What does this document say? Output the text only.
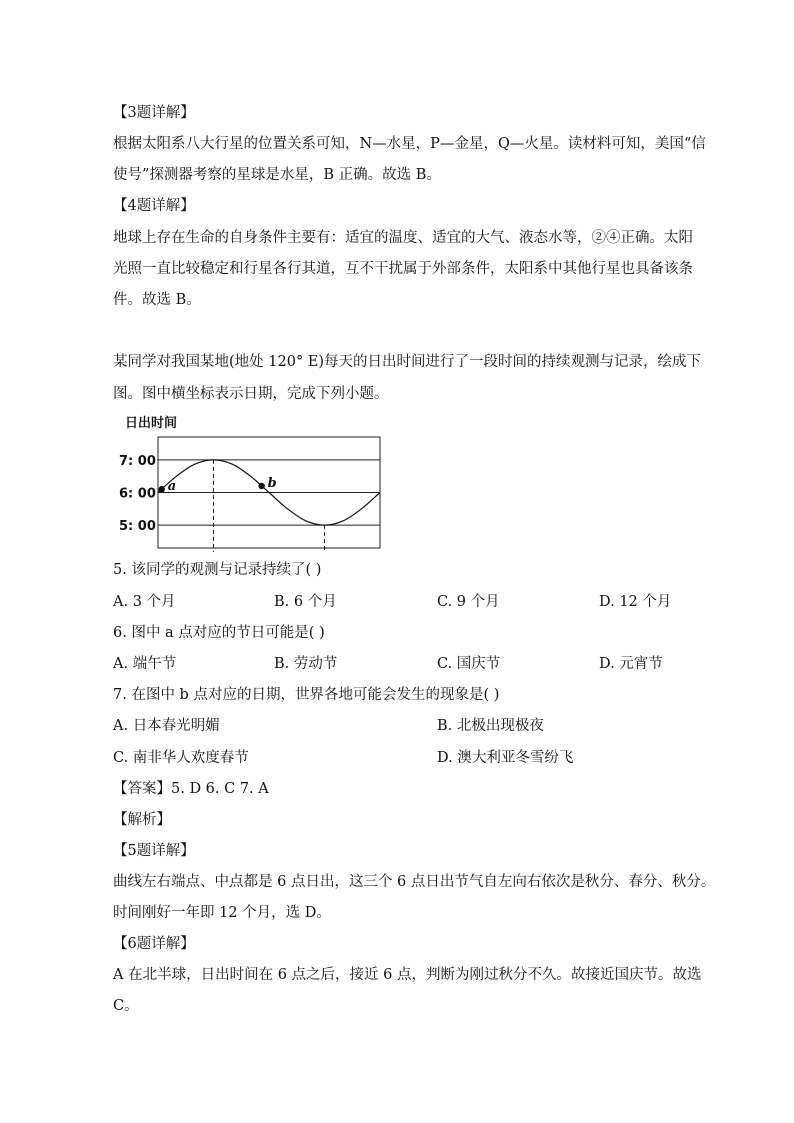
【3题详解】
根据太阳系八大行星的位置关系可知，N—水星，P—金星，Q—火星。读材料可知，美国“信
使号”探测器考察的星球是水星，B 正确。故选 B。
【4题详解】
地球上存在生命的自身条件主要有：适宜的温度、适宜的大气、液态水等，②④正确。太阳
光照一直比较稳定和行星各行其道，互不干扰属于外部条件，太阳系中其他行星也具备该条
件。故选 B。
某同学对我国某地(地处 120° E)每天的日出时间进行了一段时间的持续观测与记录，绘成下
图。图中横坐标表示日期，完成下列小题。
日出时间
7: 00
6: 00
5: 00
a	b
5. 该同学的观测与记录持续了( )
A. 3 个月	B. 6 个月	C. 9 个月	D. 12 个月
6. 图中 a 点对应的节日可能是( )
A. 端午节	B. 劳动节	C. 国庆节	D. 元宵节
7. 在图中 b 点对应的日期，世界各地可能会发生的现象是( )
A. 日本春光明媚	B. 北极出现极夜
C. 南非华人欢度春节	D. 澳大利亚冬雪纷飞
【答案】5. D 6. C 7. A
【解析】
【5题详解】
曲线左右端点、中点都是 6 点日出，这三个 6 点日出节气自左向右依次是秋分、春分、秋分。
时间刚好一年即 12 个月，选 D。
【6题详解】
A 在北半球，日出时间在 6 点之后，接近 6 点，判断为刚过秋分不久。故接近国庆节。故选
C。
